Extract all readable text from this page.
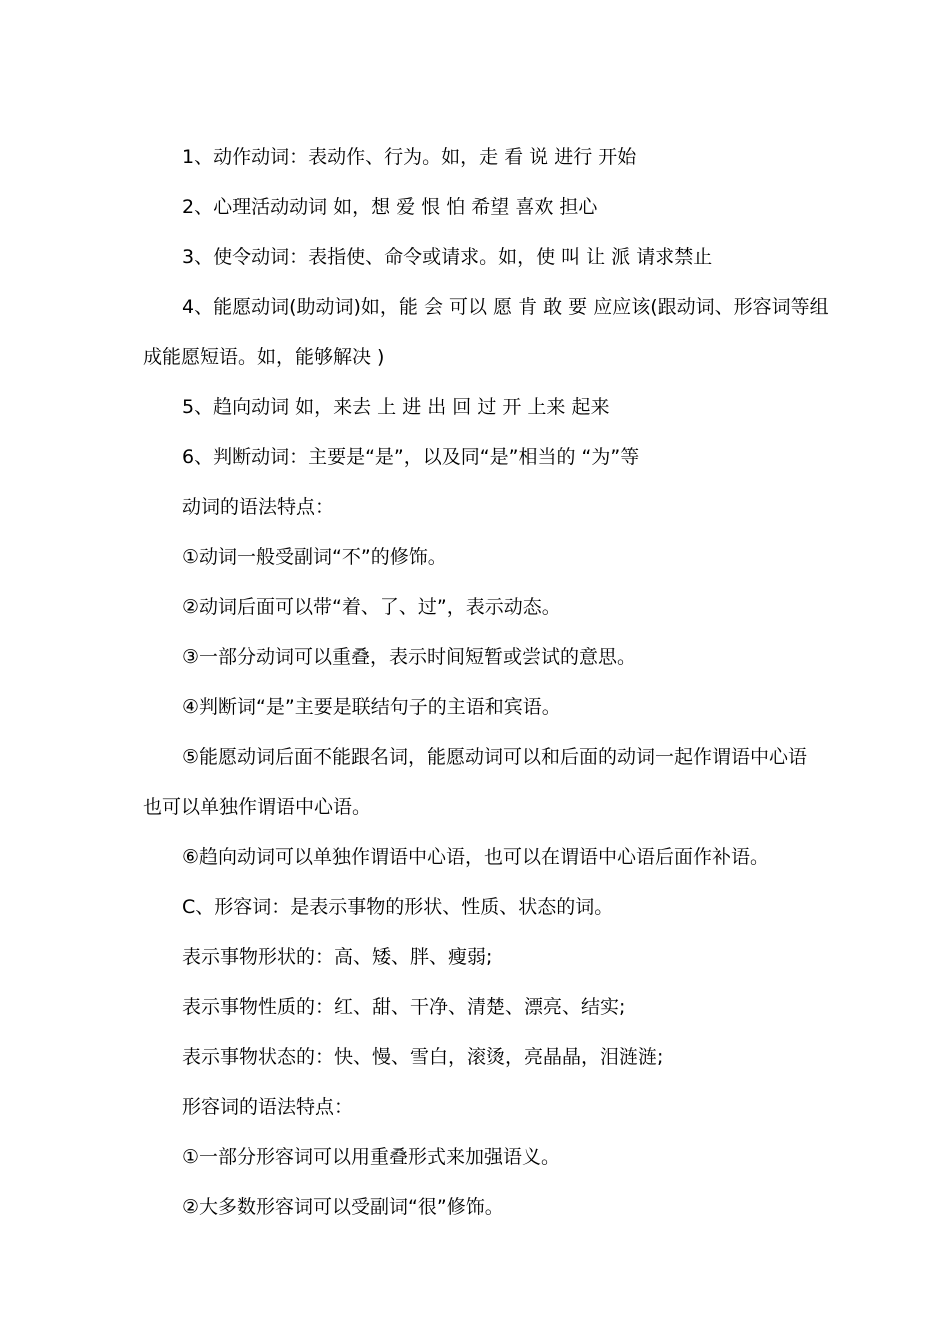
1、动作动词：表动作、行为。如，走 看 说 进行 开始
2、心理活动动词 如，想 爱 恨 怕 希望 喜欢 担心
3、使令动词：表指使、命令或请求。如，使 叫 让 派 请求禁止
4、能愿动词(助动词)如，能 会 可以 愿 肯 敢 要 应应该(跟动词、形容词等组
成能愿短语。如，能够解决 )
5、趋向动词 如，来去 上 进 出 回 过 开 上来 起来
6、判断动词：主要是“是”，以及同“是”相当的 “为”等
动词的语法特点：
①动词一般受副词“不”的修饰。
②动词后面可以带“着、了、过”，表示动态。
③一部分动词可以重叠，表示时间短暂或尝试的意思。
④判断词“是”主要是联结句子的主语和宾语。
⑤能愿动词后面不能跟名词，能愿动词可以和后面的动词一起作谓语中心语
也可以单独作谓语中心语。
⑥趋向动词可以单独作谓语中心语，也可以在谓语中心语后面作补语。
C、形容词：是表示事物的形状、性质、状态的词。
表示事物形状的：高、矮、胖、瘦弱;
表示事物性质的：红、甜、干净、清楚、漂亮、结实;
表示事物状态的：快、慢、雪白，滚烫，亮晶晶，泪涟涟;
形容词的语法特点：
①一部分形容词可以用重叠形式来加强语义。
②大多数形容词可以受副词“很”修饰。
